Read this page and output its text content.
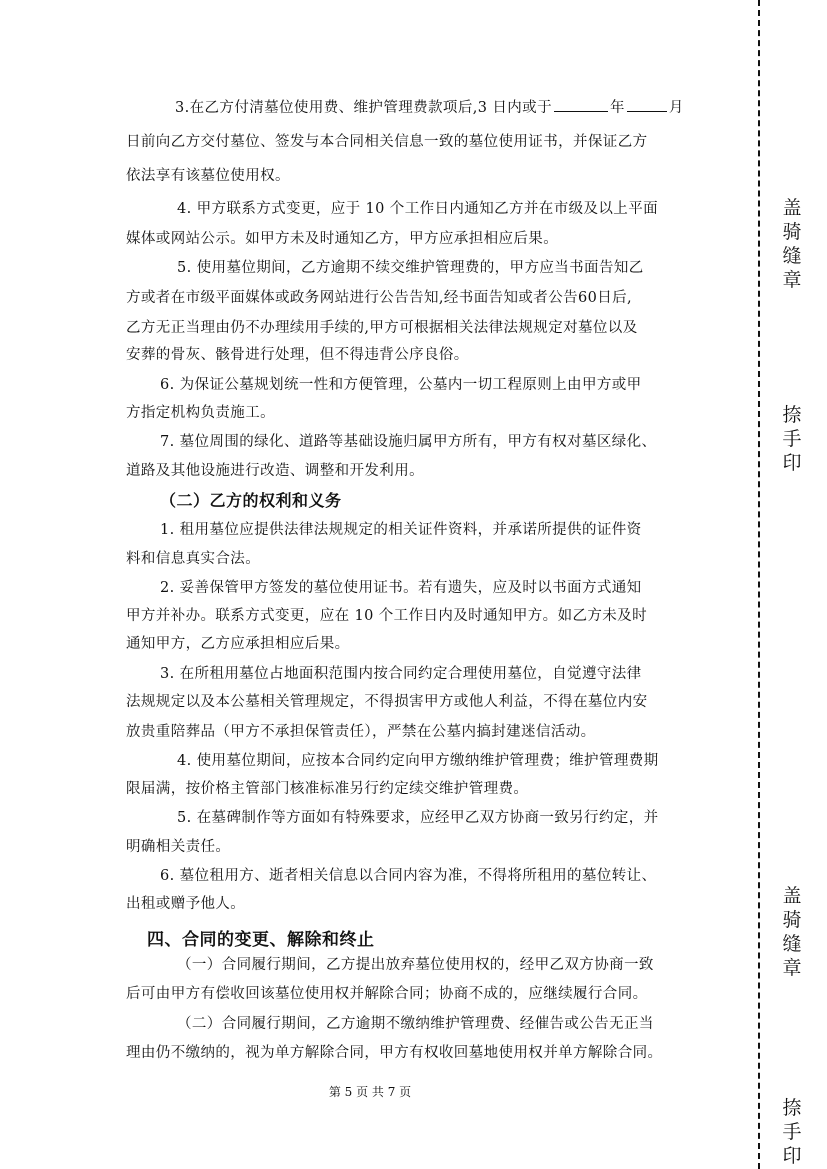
3.在乙方付清墓位使用费、维护管理费款项后,3 日内或于	年	月

日前向乙方交付墓位、签发与本合同相关信息一致的墓位使用证书，并保证乙方

依法享有该墓位使用权。

4. 甲方联系方式变更，应于 10 个工作日内通知乙方并在市级及以上平面

媒体或网站公示。如甲方未及时通知乙方，甲方应承担相应后果。

5. 使用墓位期间，乙方逾期不续交维护管理费的，甲方应当书面告知乙

方或者在市级平面媒体或政务网站进行公告告知,经书面告知或者公告60日后,

乙方无正当理由仍不办理续用手续的,甲方可根据相关法律法规规定对墓位以及

安葬的骨灰、骸骨进行处理，但不得违背公序良俗。

6. 为保证公墓规划统一性和方便管理，公墓内一切工程原则上由甲方或甲

方指定机构负责施工。

7. 墓位周围的绿化、道路等基础设施归属甲方所有，甲方有权对墓区绿化、

道路及其他设施进行改造、调整和开发利用。

（二）乙方的权利和义务

1. 租用墓位应提供法律法规规定的相关证件资料，并承诺所提供的证件资

料和信息真实合法。

2. 妥善保管甲方签发的墓位使用证书。若有遗失，应及时以书面方式通知

甲方并补办。联系方式变更，应在 10 个工作日内及时通知甲方。如乙方未及时

通知甲方，乙方应承担相应后果。

3. 在所租用墓位占地面积范围内按合同约定合理使用墓位，自觉遵守法律

法规规定以及本公墓相关管理规定，不得损害甲方或他人利益，不得在墓位内安

放贵重陪葬品（甲方不承担保管责任），严禁在公墓内搞封建迷信活动。

4. 使用墓位期间，应按本合同约定向甲方缴纳维护管理费；维护管理费期

限届满，按价格主管部门核准标准另行约定续交维护管理费。

5. 在墓碑制作等方面如有特殊要求，应经甲乙双方协商一致另行约定，并

明确相关责任。

6. 墓位租用方、逝者相关信息以合同内容为准，不得将所租用的墓位转让、

出租或赠予他人。

四、合同的变更、解除和终止

（一）合同履行期间，乙方提出放弃墓位使用权的，经甲乙双方协商一致

后可由甲方有偿收回该墓位使用权并解除合同；协商不成的，应继续履行合同。

（二）合同履行期间，乙方逾期不缴纳维护管理费、经催告或公告无正当

理由仍不缴纳的，视为单方解除合同，甲方有权收回墓地使用权并单方解除合同。

第 5 页 共 7 页
盖
骑
缝
章
捺
手
印
盖
骑
缝
章
捺
手
印
